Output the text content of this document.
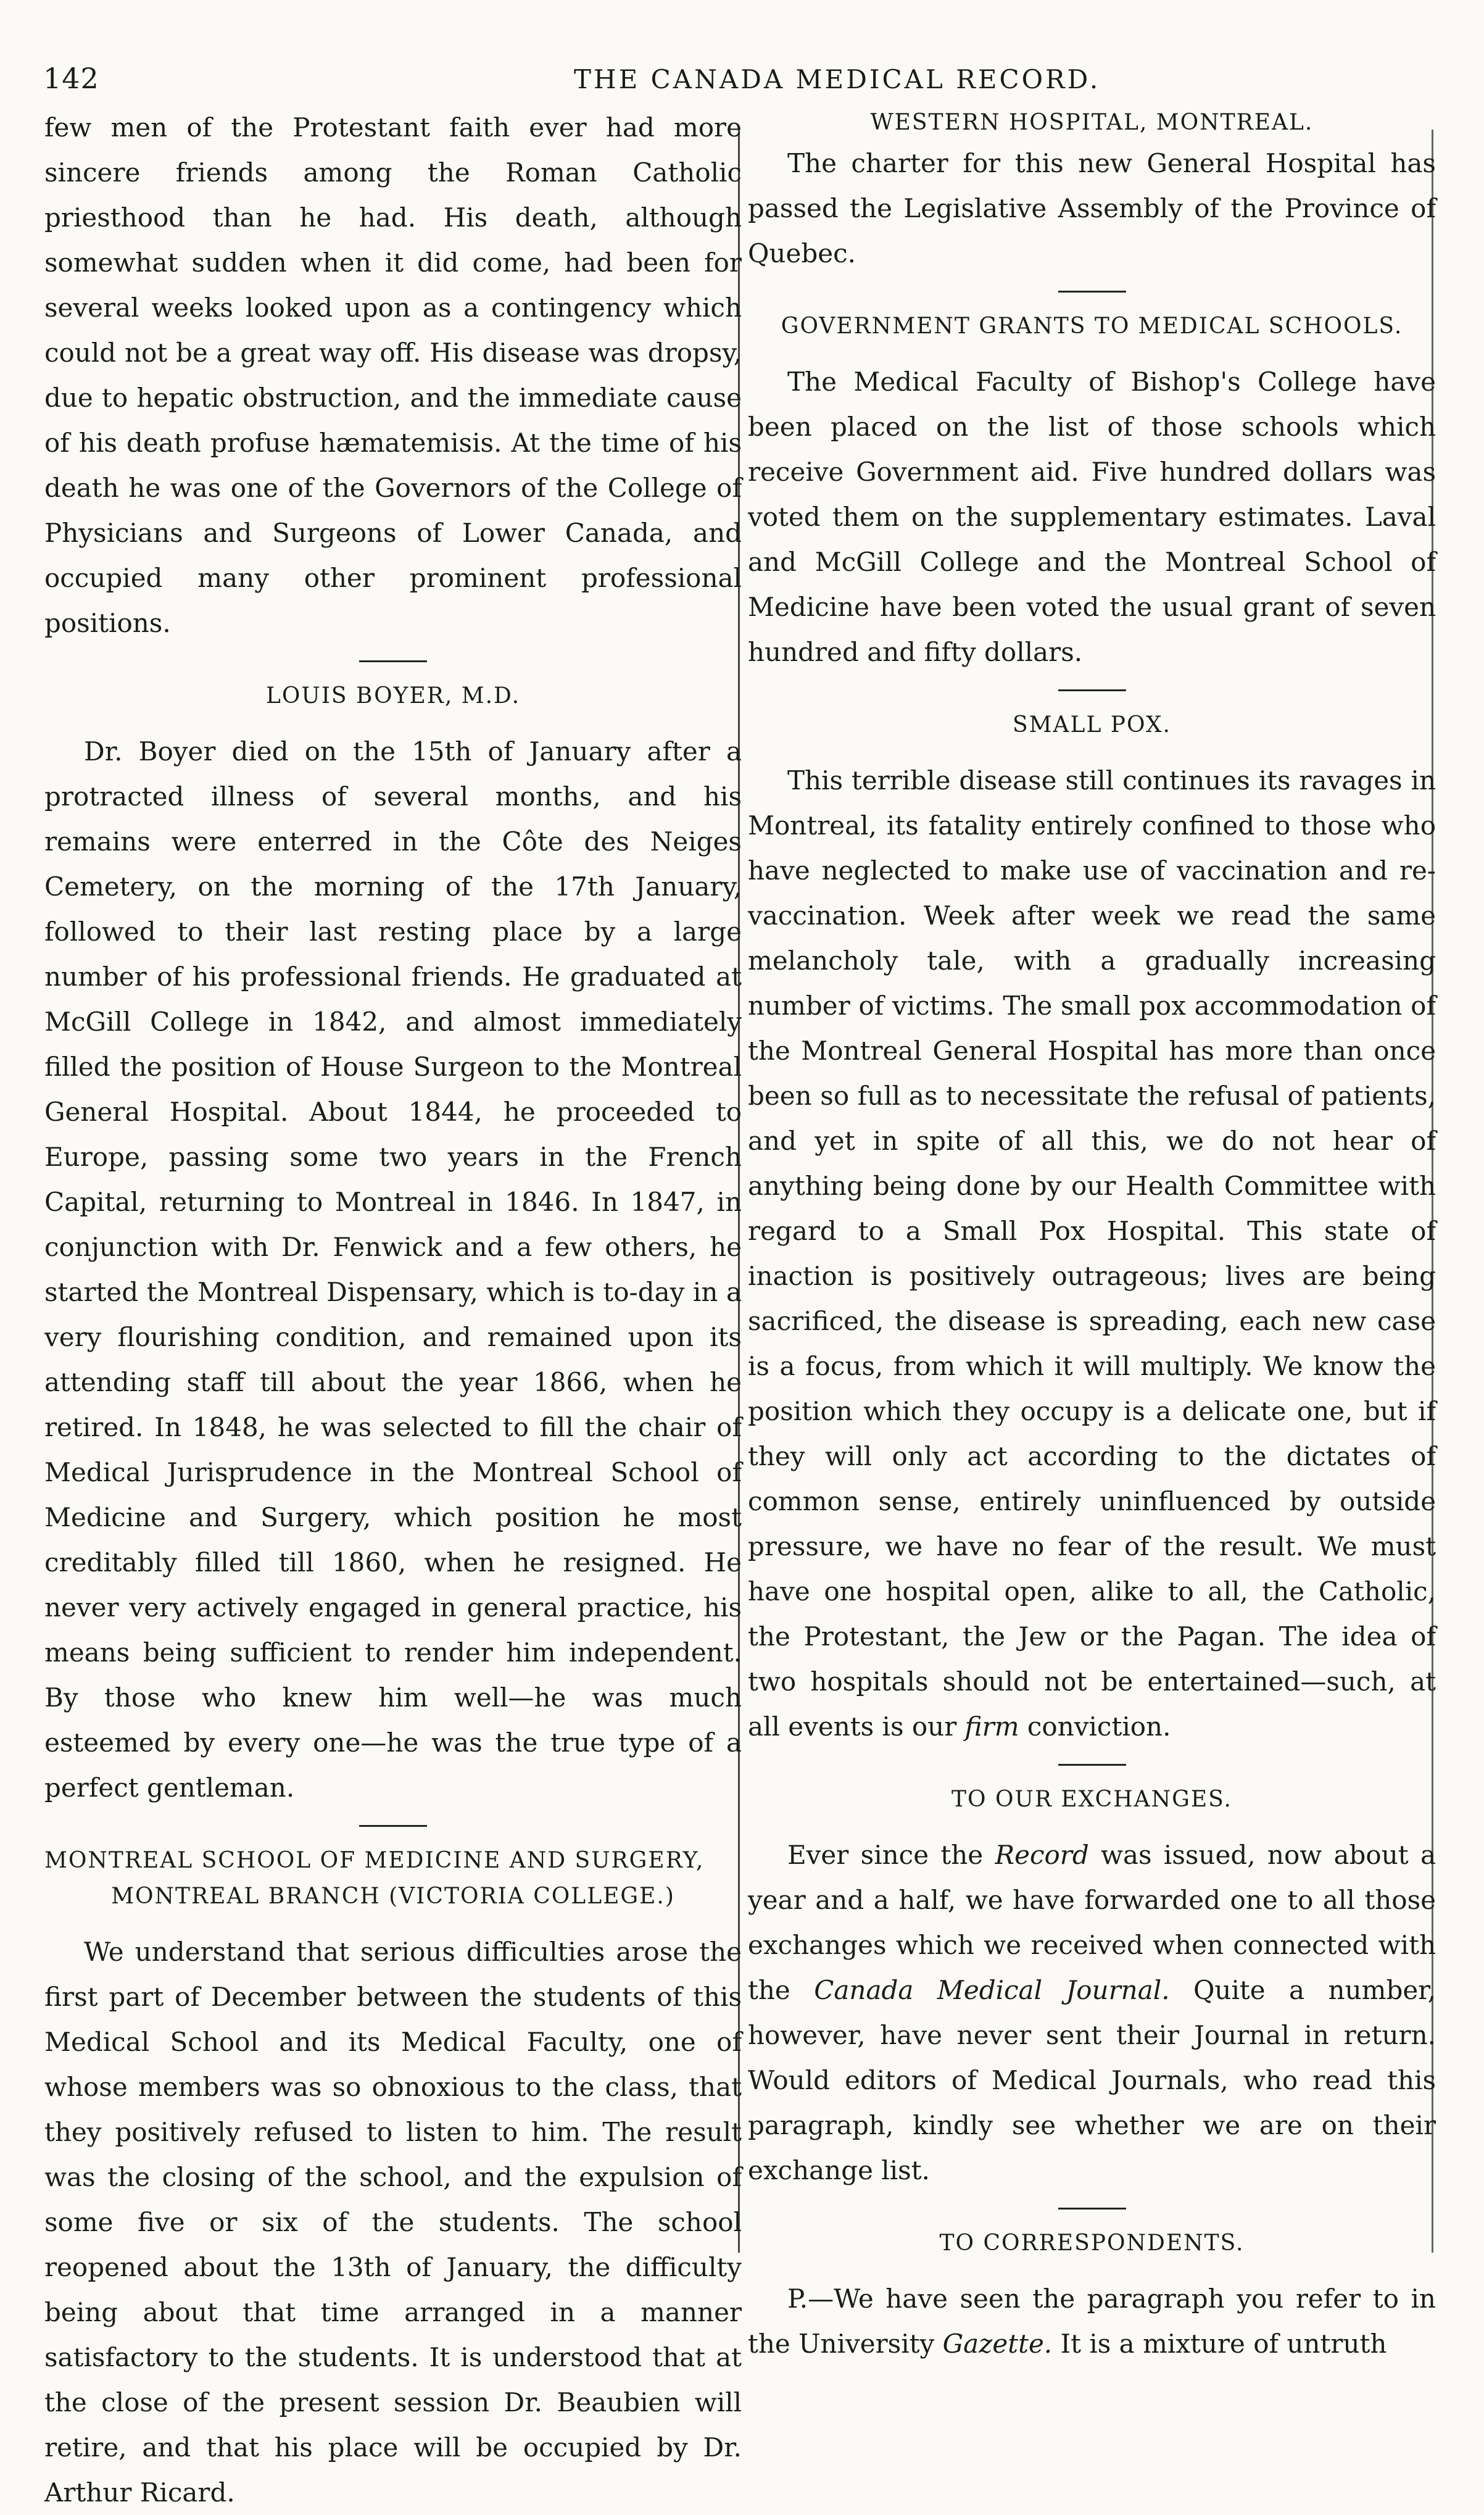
142	THE CANADA MEDICAL RECORD.

few men of the Protestant faith ever had more sincere friends among the Roman Catholic priesthood than he had. His death, although somewhat sudden when it did come, had been for several weeks looked upon as a contingency which could not be a great way off. His disease was dropsy, due to hepatic obstruction, and the immediate cause of his death profuse hæmatemisis. At the time of his death he was one of the Governors of the College of Physicians and Surgeons of Lower Canada, and occupied many other prominent professional positions.

LOUIS BOYER, M.D.

Dr. Boyer died on the 15th of January after a protracted illness of several months, and his remains were enterred in the Côte des Neiges Cemetery, on the morning of the 17th January, followed to their last resting place by a large number of his professional friends. He graduated at McGill College in 1842, and almost immediately filled the position of House Surgeon to the Montreal General Hospital. About 1844, he proceeded to Europe, passing some two years in the French Capital, returning to Montreal in 1846. In 1847, in conjunction with Dr. Fenwick and a few others, he started the Montreal Dispensary, which is to-day in a very flourishing condition, and remained upon its attending staff till about the year 1866, when he retired. In 1848, he was selected to fill the chair of Medical Jurisprudence in the Montreal School of Medicine and Surgery, which position he most creditably filled till 1860, when he resigned. He never very actively engaged in general practice, his means being sufficient to render him independent. By those who knew him well—he was much esteemed by every one—he was the true type of a perfect gentleman.

MONTREAL SCHOOL OF MEDICINE AND SURGERY,
MONTREAL BRANCH (VICTORIA COLLEGE.)

We understand that serious difficulties arose the first part of December between the students of this Medical School and its Medical Faculty, one of whose members was so obnoxious to the class, that they positively refused to listen to him. The result was the closing of the school, and the expulsion of some five or six of the students. The school reopened about the 13th of January, the difficulty being about that time arranged in a manner satisfactory to the students. It is understood that at the close of the present session Dr. Beaubien will retire, and that his place will be occupied by Dr. Arthur Ricard.

WESTERN HOSPITAL, MONTREAL.

The charter for this new General Hospital has passed the Legislative Assembly of the Province of Quebec.

GOVERNMENT GRANTS TO MEDICAL SCHOOLS.

The Medical Faculty of Bishop's College have been placed on the list of those schools which receive Government aid. Five hundred dollars was voted them on the supplementary estimates. Laval and McGill College and the Montreal School of Medicine have been voted the usual grant of seven hundred and fifty dollars.

SMALL POX.

This terrible disease still continues its ravages in Montreal, its fatality entirely confined to those who have neglected to make use of vaccination and re-vaccination. Week after week we read the same melancholy tale, with a gradually increasing number of victims. The small pox accommodation of the Montreal General Hospital has more than once been so full as to necessitate the refusal of patients, and yet in spite of all this, we do not hear of anything being done by our Health Committee with regard to a Small Pox Hospital. This state of inaction is positively outrageous; lives are being sacrificed, the disease is spreading, each new case is a focus, from which it will multiply. We know the position which they occupy is a delicate one, but if they will only act according to the dictates of common sense, entirely uninfluenced by outside pressure, we have no fear of the result. We must have one hospital open, alike to all, the Catholic, the Protestant, the Jew or the Pagan. The idea of two hospitals should not be entertained—such, at all events is our firm conviction.

TO OUR EXCHANGES.

Ever since the Record was issued, now about a year and a half, we have forwarded one to all those exchanges which we received when connected with the Canada Medical Journal. Quite a number, however, have never sent their Journal in return. Would editors of Medical Journals, who read this paragraph, kindly see whether we are on their exchange list.

TO CORRESPONDENTS.

P.—We have seen the paragraph you refer to in the University Gazette. It is a mixture of untruth
